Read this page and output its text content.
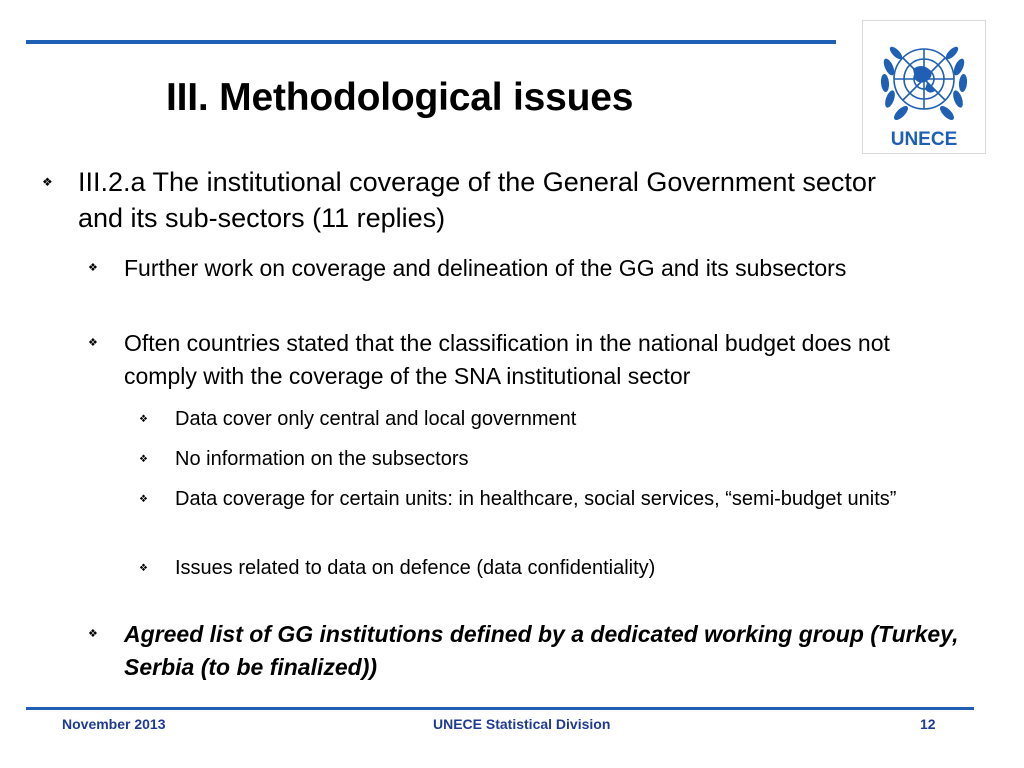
III. Methodological issues
UNECE
❖ III.2.a The institutional coverage of the General Government sector and its sub-sectors (11 replies)
❖ Further work on coverage and delineation of the GG and its subsectors
❖ Often countries stated that the classification in the national budget does not comply with the coverage of the SNA institutional sector
❖ Data cover only central and local government
❖ No information on the subsectors
❖ Data coverage for certain units: in healthcare, social services, “semi-budget units”
❖ Issues related to data on defence (data confidentiality)
❖ Agreed list of GG institutions defined by a dedicated working group (Turkey, Serbia (to be finalized))
November 2013	UNECE Statistical Division	12
